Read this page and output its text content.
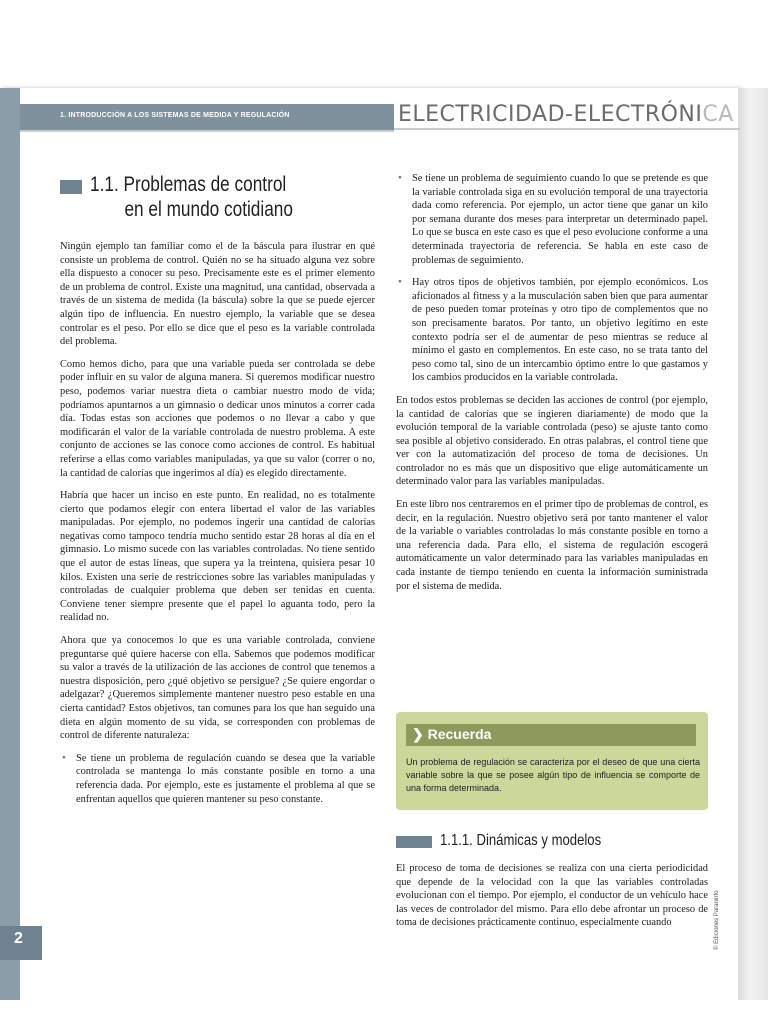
1. INTRODUCCIÓN A LOS SISTEMAS DE MEDIDA Y REGULACIÓN	ELECTRICIDAD-ELECTRÓNICA
1.1. Problemas de control
en el mundo cotidiano

Ningún ejemplo tan familiar como el de la báscula para ilustrar en qué consiste un problema de control. Quién no se ha situado alguna vez sobre ella dispuesto a conocer su peso. Precisamente este es el primer elemento de un problema de control. Existe una magnitud, una cantidad, observada a través de un sistema de medida (la báscula) sobre la que se puede ejercer algún tipo de influencia. En nuestro ejemplo, la variable que se desea controlar es el peso. Por ello se dice que el peso es la variable controlada del problema.

Como hemos dicho, para que una variable pueda ser controlada se debe poder influir en su valor de alguna manera. Si queremos modificar nuestro peso, podemos variar nuestra dieta o cambiar nuestro modo de vida; podríamos apuntarnos a un gimnasio o dedicar unos minutos a correr cada día. Todas estas son acciones que podemos o no llevar a cabo y que modificarán el valor de la variable controlada de nuestro problema. A este conjunto de acciones se las conoce como acciones de control. Es habitual referirse a ellas como variables manipuladas, ya que su valor (correr o no, la cantidad de calorías que ingerimos al día) es elegido directamente.

Habría que hacer un inciso en este punto. En realidad, no es totalmente cierto que podamos elegir con entera libertad el valor de las variables manipuladas. Por ejemplo, no podemos ingerir una cantidad de calorías negativas como tampoco tendría mucho sentido estar 28 horas al día en el gimnasio. Lo mismo sucede con las variables controladas. No tiene sentido que el autor de estas líneas, que supera ya la treintena, quisiera pesar 10 kilos. Existen una serie de restricciones sobre las variables manipuladas y controladas de cualquier problema que deben ser tenidas en cuenta. Conviene tener siempre presente que el papel lo aguanta todo, pero la realidad no.

Ahora que ya conocemos lo que es una variable controlada, conviene preguntarse qué quiere hacerse con ella. Sabemos que podemos modificar su valor a través de la utilización de las acciones de control que tenemos a nuestra disposición, pero ¿qué objetivo se persigue? ¿Se quiere engordar o adelgazar? ¿Queremos simplemente mantener nuestro peso estable en una cierta cantidad? Estos objetivos, tan comunes para los que han seguido una dieta en algún momento de su vida, se corresponden con problemas de control de diferente naturaleza:

• Se tiene un problema de regulación cuando se desea que la variable controlada se mantenga lo más constante posible en torno a una referencia dada. Por ejemplo, este es justamente el problema al que se enfrentan aquellos que quieren mantener su peso constante.
• Se tiene un problema de seguimiento cuando lo que se pretende es que la variable controlada siga en su evolución temporal de una trayectoria dada como referencia. Por ejemplo, un actor tiene que ganar un kilo por semana durante dos meses para interpretar un determinado papel. Lo que se busca en este caso es que el peso evolucione conforme a una determinada trayectoria de referencia. Se habla en este caso de problemas de seguimiento.
• Hay otros tipos de objetivos también, por ejemplo económicos. Los aficionados al fitness y a la musculación saben bien que para aumentar de peso pueden tomar proteínas y otro tipo de complementos que no son precisamente baratos. Por tanto, un objetivo legítimo en este contexto podría ser el de aumentar de peso mientras se reduce al mínimo el gasto en complementos. En este caso, no se trata tanto del peso como tal, sino de un intercambio óptimo entre lo que gastamos y los cambios producidos en la variable controlada.

En todos estos problemas se deciden las acciones de control (por ejemplo, la cantidad de calorías que se ingieren diariamente) de modo que la evolución temporal de la variable controlada (peso) se ajuste tanto como sea posible al objetivo considerado. En otras palabras, el control tiene que ver con la automatización del proceso de toma de decisiones. Un controlador no es más que un dispositivo que elige automáticamente un determinado valor para las variables manipuladas.

En este libro nos centraremos en el primer tipo de problemas de control, es decir, en la regulación. Nuestro objetivo será por tanto mantener el valor de la variable o variables controladas lo más constante posible en torno a una referencia dada. Para ello, el sistema de regulación escogerá automáticamente un valor determinado para las variables manipuladas en cada instante de tiempo teniendo en cuenta la información suministrada por el sistema de medida.

❯ Recuerda
Un problema de regulación se caracteriza por el deseo de que una cierta variable sobre la que se posee algún tipo de influencia se comporte de una forma determinada.
1.1.1. Dinámicas y modelos

El proceso de toma de decisiones se realiza con una cierta periodicidad que depende de la velocidad con la que las variables controladas evolucionan con el tiempo. Por ejemplo, el conductor de un vehículo hace las veces de controlador del mismo. Para ello debe afrontar un proceso de toma de decisiones prácticamente continuo, especialmente cuando

2	© Ediciones Paraninfo
